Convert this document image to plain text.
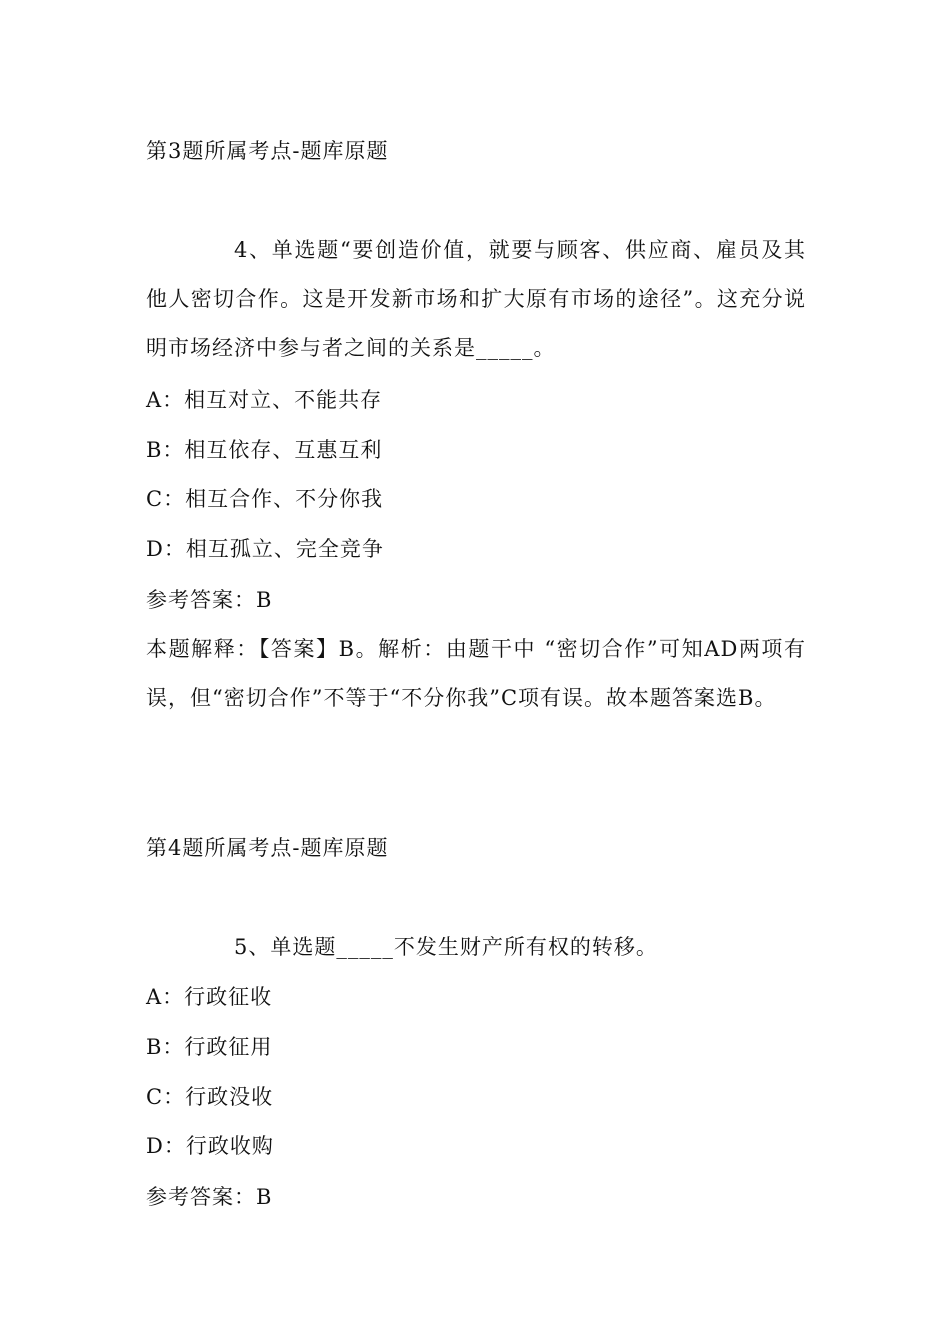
第3题所属考点-题库原题
4、单选题“要创造价值，就要与顾客、供应商、雇员及其他人密切合作。这是开发新市场和扩大原有市场的途径”。这充分说明市场经济中参与者之间的关系是_____。
A：相互对立、不能共存
B：相互依存、互惠互利
C：相互合作、不分你我
D：相互孤立、完全竞争
参考答案：B
本题解释：【答案】B。解析：由题干中 “密切合作”可知AD两项有误，但“密切合作”不等于“不分你我”C项有误。故本题答案选B。
第4题所属考点-题库原题
5、单选题_____不发生财产所有权的转移。
A：行政征收
B：行政征用
C：行政没收
D：行政收购
参考答案：B
